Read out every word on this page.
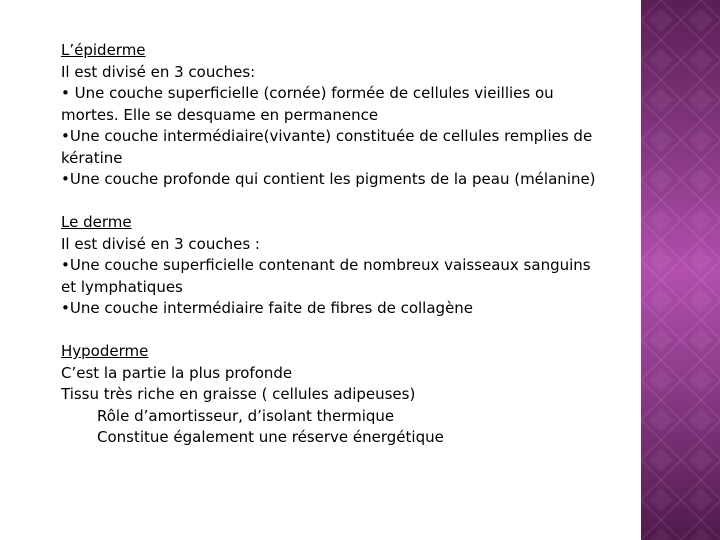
L’épiderme
Il est divisé en 3 couches:
• Une couche superficielle (cornée) formée de cellules vieillies ou
mortes. Elle se desquame en permanence
•Une couche intermédiaire(vivante) constituée de cellules remplies de
kératine
•Une couche profonde qui contient les pigments de la peau (mélanine)
Le derme
Il est divisé en 3 couches :
•Une couche superficielle contenant de nombreux vaisseaux sanguins
et lymphatiques
•Une couche intermédiaire faite de fibres de collagène
Hypoderme
C’est la partie la plus profonde
Tissu très riche en graisse ( cellules adipeuses)
Rôle d’amortisseur, d’isolant thermique
Constitue également une réserve énergétique
